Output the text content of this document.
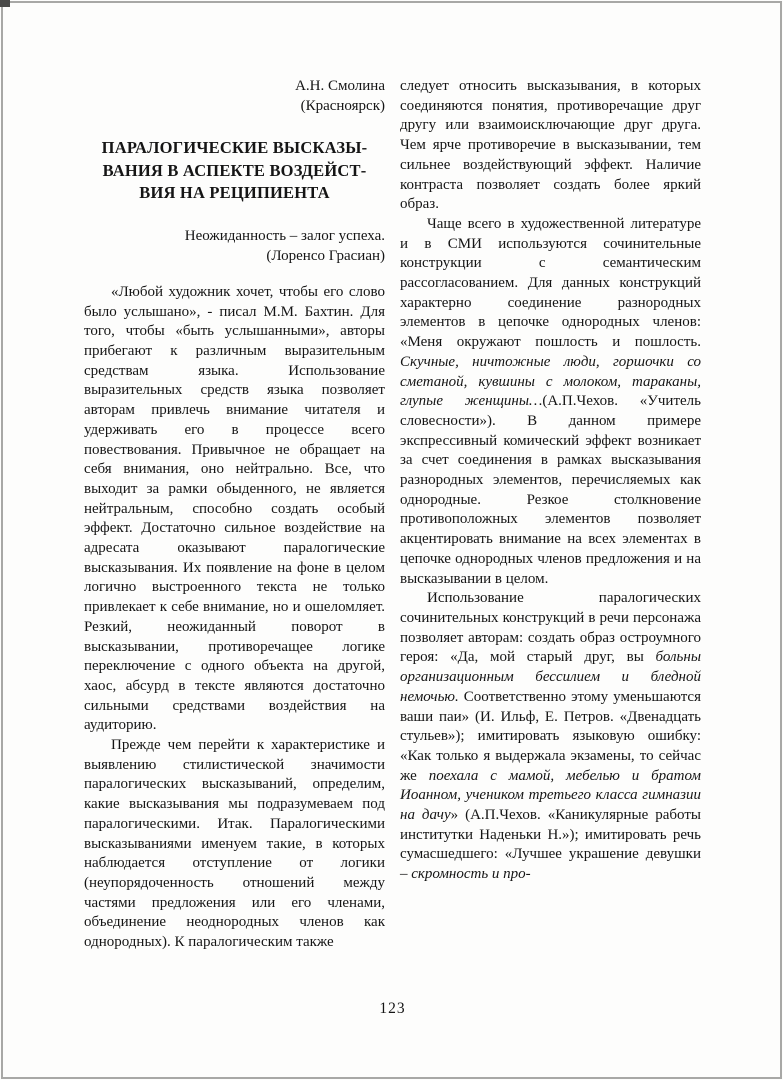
А.Н. Смолина
(Красноярск)
ПАРАЛОГИЧЕСКИЕ ВЫСКАЗЫ-
ВАНИЯ В АСПЕКТЕ ВОЗДЕЙСТ-
ВИЯ НА РЕЦИПИЕНТА
Неожиданность – залог успеха.
(Лоренсо Грасиан)

«Любой художник хочет, чтобы его слово было услышано», - писал М.М. Бахтин. Для того, чтобы «быть услышанными», авторы прибегают к различным выразительным средствам языка. Использование выразительных средств языка позволяет авторам привлечь внимание читателя и удерживать его в процессе всего повествования. Привычное не обращает на себя внимания, оно нейтрально. Все, что выходит за рамки обыденного, не является нейтральным, способно создать особый эффект. Достаточно сильное воздействие на адресата оказывают паралогические высказывания. Их появление на фоне в целом логично выстроенного текста не только привлекает к себе внимание, но и ошеломляет. Резкий, неожиданный поворот в высказывании, противоречащее логике переключение с одного объекта на другой, хаос, абсурд в тексте являются достаточно сильными средствами воздействия на аудиторию.

Прежде чем перейти к характеристике и выявлению стилистической значимости паралогических высказываний, определим, какие высказывания мы подразумеваем под паралогическими. Итак. Паралогическими высказываниями именуем такие, в которых наблюдается отступление от логики (неупорядоченность отношений между частями предложения или его членами, объединение неоднородных членов как однородных). К паралогическим также

следует относить высказывания, в которых соединяются понятия, противоречащие друг другу или взаимоисключающие друг друга. Чем ярче противоречие в высказывании, тем сильнее воздействующий эффект. Наличие контраста позволяет создать более яркий образ.

Чаще всего в художественной литературе и в СМИ используются сочинительные конструкции с семантическим рассогласованием. Для данных конструкций характерно соединение разнородных элементов в цепочке однородных членов: «Меня окружают пошлость и пошлость. Скучные, ничтожные люди, горшочки со сметаной, кувшины с молоком, тараканы, глупые женщины…(А.П.Чехов. «Учитель словесности»). В данном примере экспрессивный комический эффект возникает за счет соединения в рамках высказывания разнородных элементов, перечисляемых как однородные. Резкое столкновение противоположных элементов позволяет акцентировать внимание на всех элементах в цепочке однородных членов предложения и на высказывании в целом.

Использование паралогических сочинительных конструкций в речи персонажа позволяет авторам: создать образ остроумного героя: «Да, мой старый друг, вы больны организационным бессилием и бледной немочью. Соответственно этому уменьшаются ваши паи» (И. Ильф, Е. Петров. «Двенадцать стульев»); имитировать языковую ошибку: «Как только я выдержала экзамены, то сейчас же поехала с мамой, мебелью и братом Иоанном, учеником третьего класса гимназии на дачу» (А.П.Чехов. «Каникулярные работы институтки Наденьки Н.»); имитировать речь сумасшедшего: «Лучшее украшение девушки – скромность и про-

123
